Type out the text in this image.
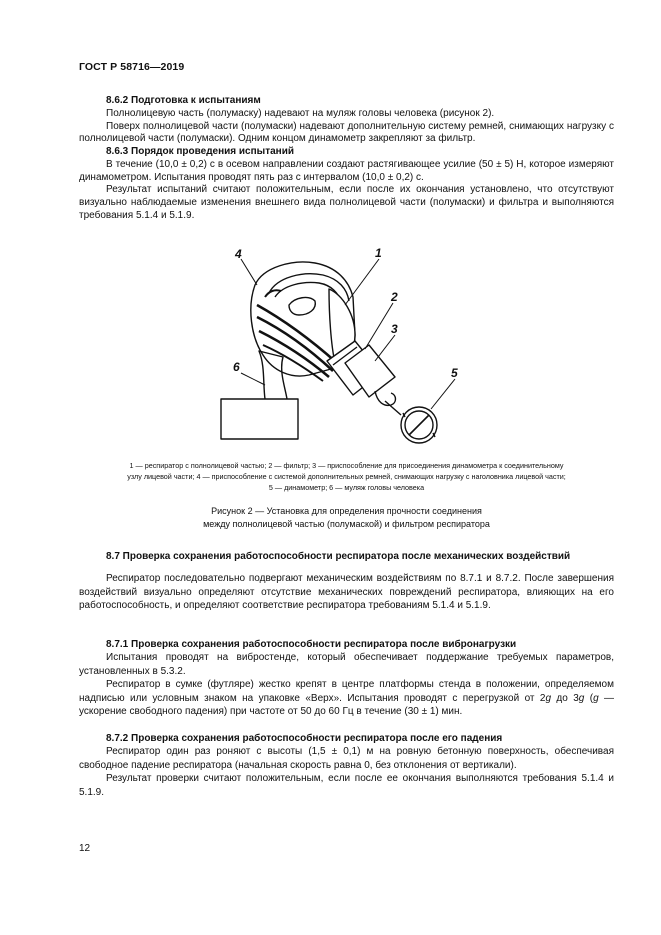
ГОСТ Р 58716—2019

8.6.2 Подготовка к испытаниям

Полнолицевую часть (полумаску) надевают на муляж головы человека (рисунок 2).

Поверх полнолицевой части (полумаски) надевают дополнительную систему ремней, снимающих нагрузку с полнолицевой части (полумаски). Одним концом динамометр закрепляют за фильтр.

8.6.3 Порядок проведения испытаний

В течение (10,0 ± 0,2) с в осевом направлении создают растягивающее усилие (50 ± 5) Н, которое измеряют динамометром. Испытания проводят пять раз с интервалом (10,0 ± 0,2) с.

Результат испытаний считают положительным, если после их окончания установлено, что отсутствуют визуально наблюдаемые изменения внешнего вида полнолицевой части (полумаски) и фильтра и выполняются требования 5.1.4 и 5.1.9.

1
2
3
4
5
6

1 — респиратор с полнолицевой частью; 2 — фильтр; 3 — приспособление для присоединения динамометра к соединительному

узлу лицевой части; 4 — приспособление с системой дополнительных ремней, снимающих нагрузку с наголовника лицевой части;

5 — динамометр; 6 — муляж головы человека

Рисунок 2 — Установка для определения прочности соединения

между полнолицевой частью (полумаской) и фильтром респиратора

8.7 Проверка сохранения работоспособности респиратора после механических воздействий

Респиратор последовательно подвергают механическим воздействиям по 8.7.1 и 8.7.2. После завершения воздействий визуально определяют отсутствие механических повреждений респиратора, влияющих на его работоспособность, и определяют соответствие респиратора требованиям 5.1.4 и 5.1.9.

8.7.1 Проверка сохранения работоспособности респиратора после вибронагрузки

Испытания проводят на вибростенде, который обеспечивает поддержание требуемых параметров, установленных в 5.3.2.

Респиратор в сумке (футляре) жестко крепят в центре платформы стенда в положении, определяемом надписью или условным знаком на упаковке «Верх». Испытания проводят с перегрузкой от 2g до 3g (g — ускорение свободного падения) при частоте от 50 до 60 Гц в течение (30 ± 1) мин.

8.7.2 Проверка сохранения работоспособности респиратора после его падения

Респиратор один раз роняют с высоты (1,5 ± 0,1) м на ровную бетонную поверхность, обеспечивая свободное падение респиратора (начальная скорость равна 0, без отклонения от вертикали).

Результат проверки считают положительным, если после ее окончания выполняются требования 5.1.4 и 5.1.9.

12
